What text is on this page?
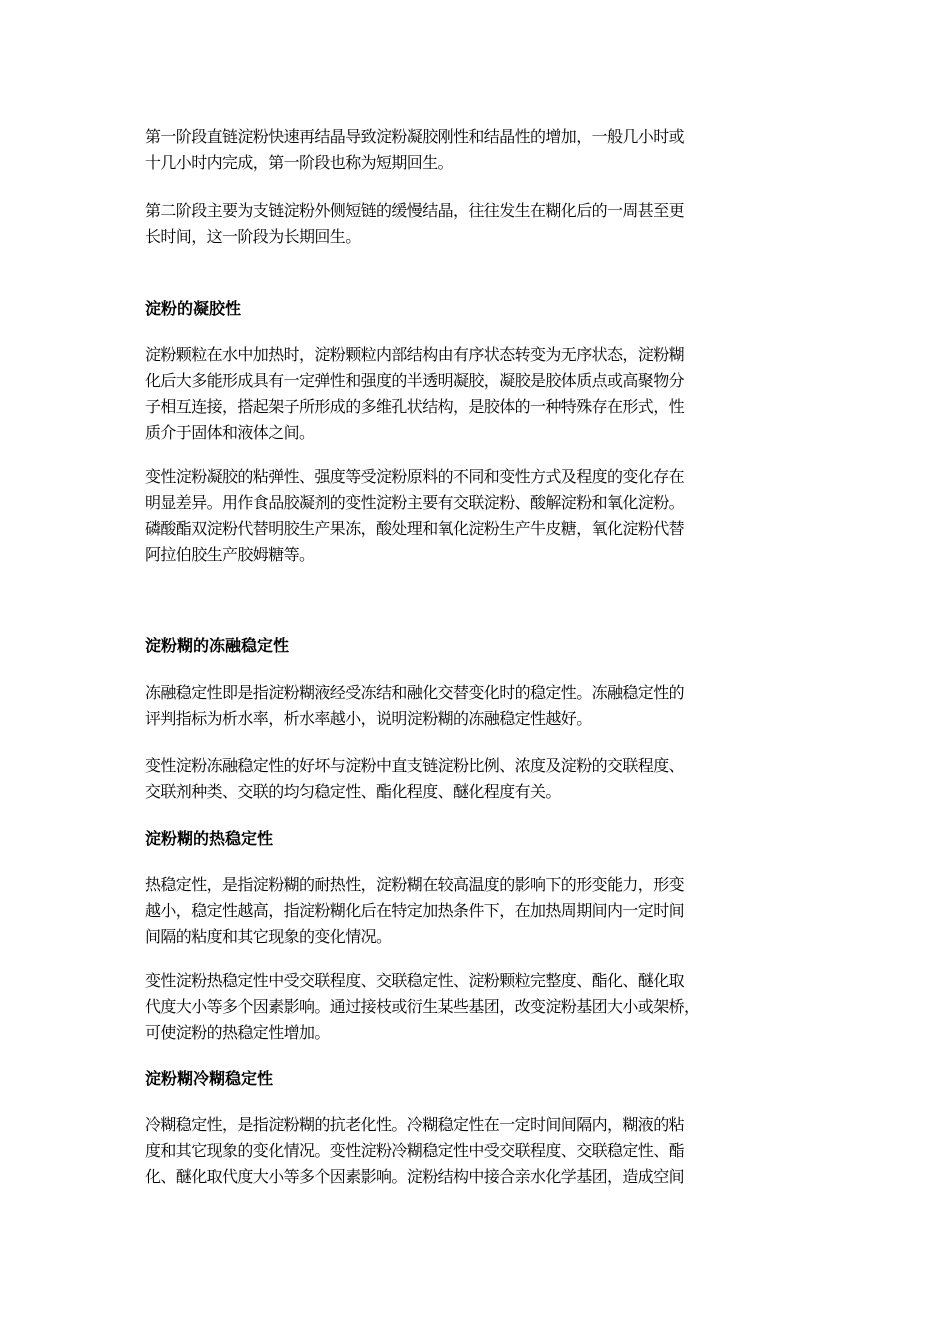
第一阶段直链淀粉快速再结晶导致淀粉凝胶刚性和结晶性的增加，一般几小时或
十几小时内完成，第一阶段也称为短期回生。

第二阶段主要为支链淀粉外侧短链的缓慢结晶，往往发生在糊化后的一周甚至更
长时间，这一阶段为长期回生。

淀粉的凝胶性

淀粉颗粒在水中加热时，淀粉颗粒内部结构由有序状态转变为无序状态，淀粉糊
化后大多能形成具有一定弹性和强度的半透明凝胶，凝胶是胶体质点或高聚物分
子相互连接，搭起架子所形成的多维孔状结构，是胶体的一种特殊存在形式，性
质介于固体和液体之间。

变性淀粉凝胶的粘弹性、强度等受淀粉原料的不同和变性方式及程度的变化存在
明显差异。用作食品胶凝剂的变性淀粉主要有交联淀粉、酸解淀粉和氧化淀粉。
磷酸酯双淀粉代替明胶生产果冻，酸处理和氧化淀粉生产牛皮糖，氧化淀粉代替
阿拉伯胶生产胶姆糖等。

淀粉糊的冻融稳定性

冻融稳定性即是指淀粉糊液经受冻结和融化交替变化时的稳定性。冻融稳定性的
评判指标为析水率，析水率越小，说明淀粉糊的冻融稳定性越好。

变性淀粉冻融稳定性的好坏与淀粉中直支链淀粉比例、浓度及淀粉的交联程度、
交联剂种类、交联的均匀稳定性、酯化程度、醚化程度有关。

淀粉糊的热稳定性

热稳定性，是指淀粉糊的耐热性，淀粉糊在较高温度的影响下的形变能力，形变
越小，稳定性越高，指淀粉糊化后在特定加热条件下，在加热周期间内一定时间
间隔的粘度和其它现象的变化情况。

变性淀粉热稳定性中受交联程度、交联稳定性、淀粉颗粒完整度、酯化、醚化取
代度大小等多个因素影响。通过接枝或衍生某些基团，改变淀粉基团大小或架桥，
可使淀粉的热稳定性增加。

淀粉糊冷糊稳定性

冷糊稳定性，是指淀粉糊的抗老化性。冷糊稳定性在一定时间间隔内，糊液的粘
度和其它现象的变化情况。变性淀粉冷糊稳定性中受交联程度、交联稳定性、酯
化、醚化取代度大小等多个因素影响。淀粉结构中接合亲水化学基团，造成空间
